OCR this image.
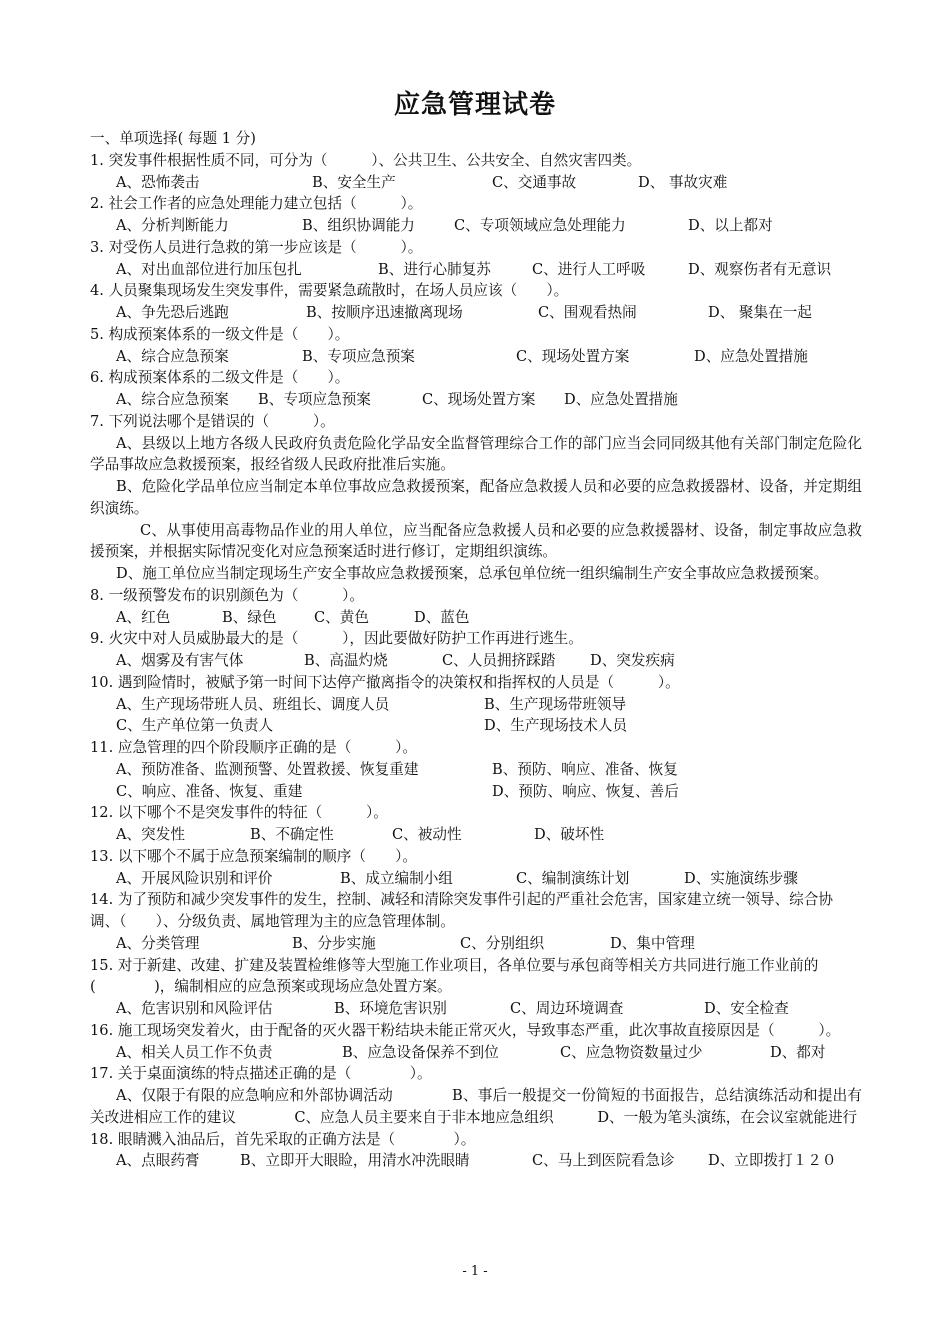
应急管理试卷
一、单项选择( 每题 1 分)

1. 突发事件根据性质不同，可分为（　　　）、公共卫生、公共安全、自然灾害四类。

A、恐怖袭击	B、安全生产	C、交通事故	D、 事故灾难

2. 社会工作者的应急处理能力建立包括（　　　）。

A、分析判断能力	B、组织协调能力	C、专项领域应急处理能力	D、以上都对

3. 对受伤人员进行急救的第一步应该是（　　　）。

A、对出血部位进行加压包扎	B、进行心肺复苏	C、进行人工呼吸	D、观察伤者有无意识

4. 人员聚集现场发生突发事件，需要紧急疏散时，在场人员应该（　　）。

A、争先恐后逃跑	B、按顺序迅速撤离现场	C、围观看热闹	D、 聚集在一起

5. 构成预案体系的一级文件是（　　）。

A、综合应急预案	B、专项应急预案	C、现场处置方案	D、应急处置措施

6. 构成预案体系的二级文件是（　　）。

A、综合应急预案 B、专项应急预案	C、现场处置方案 D、应急处置措施

7. 下列说法哪个是错误的（　　　）。

A、县级以上地方各级人民政府负责危险化学品安全监督管理综合工作的部门应当会同同级其他有关部门制定危险化学品事故应急救援预案，报经省级人民政府批准后实施。

B、危险化学品单位应当制定本单位事故应急救援预案，配备应急救援人员和必要的应急救援器材、设备，并定期组织演练。

C、从事使用高毒物品作业的用人单位，应当配备应急救援人员和必要的应急救援器材、设备，制定事故应急救援预案，并根据实际情况变化对应急预案适时进行修订，定期组织演练。

D、施工单位应当制定现场生产安全事故应急救援预案，总承包单位统一组织编制生产安全事故应急救援预案。

8. 一级预警发布的识别颜色为（　　　）。

A、红色	B、绿色	C、黄色	D、蓝色

9. 火灾中对人员威胁最大的是（　　　），因此要做好防护工作再进行逃生。

A、烟雾及有害气体	B、高温灼烧	C、人员拥挤踩踏 D、突发疾病

10. 遇到险情时，被赋予第一时间下达停产撤离指令的决策权和指挥权的人员是（　　　）。

A、生产现场带班人员、班组长、调度人员	B、生产现场带班领导

C、生产单位第一负责人	D、生产现场技术人员

11. 应急管理的四个阶段顺序正确的是（　　　）。

A、预防准备、监测预警、处置救援、恢复重建	B、预防、响应、准备、恢复

C、响应、准备、恢复、重建	D、预防、响应、恢复、善后

12. 以下哪个不是突发事件的特征（　　　）。

A、突发性	B、不确定性	C、被动性	D、破坏性

13. 以下哪个不属于应急预案编制的顺序（　　）。

A、开展风险识别和评价	B、成立编制小组	C、编制演练计划	D、实施演练步骤

14. 为了预防和减少突发事件的发生，控制、减轻和清除突发事件引起的严重社会危害，国家建立统一领导、综合协调、（　　）、分级负责、属地管理为主的应急管理体制。

A、分类管理	B、分步实施	C、分别组织	D、集中管理

15. 对于新建、改建、扩建及装置检维修等大型施工作业项目，各单位要与承包商等相关方共同进行施工作业前的(　　　　)，编制相应的应急预案或现场应急处置方案。

A、危害识别和风险评估	B、环境危害识别	C、周边环境调查	D、安全检查

16. 施工现场突发着火，由于配备的灭火器干粉结块未能正常灭火，导致事态严重，此次事故直接原因是（　　　）。

A、相关人员工作不负责	B、应急设备保养不到位	C、应急物资数量过少	D、都对

17. 关于桌面演练的特点描述正确的是（　　　　）。

A、仅限于有限的应急响应和外部协调活动　　　　B、事后一般提交一份简短的书面报告，总结演练活动和提出有关改进相应工作的建议　　　　C、应急人员主要来自于非本地应急组织　　　D、一般为笔头演练，在会议室就能进行

18. 眼睛溅入油品后，首先采取的正确方法是（　　　　）。

A、点眼药膏	B、立即开大眼睑，用清水冲洗眼睛	C、马上到医院看急诊 D、立即拨打１２０

- 1 -
